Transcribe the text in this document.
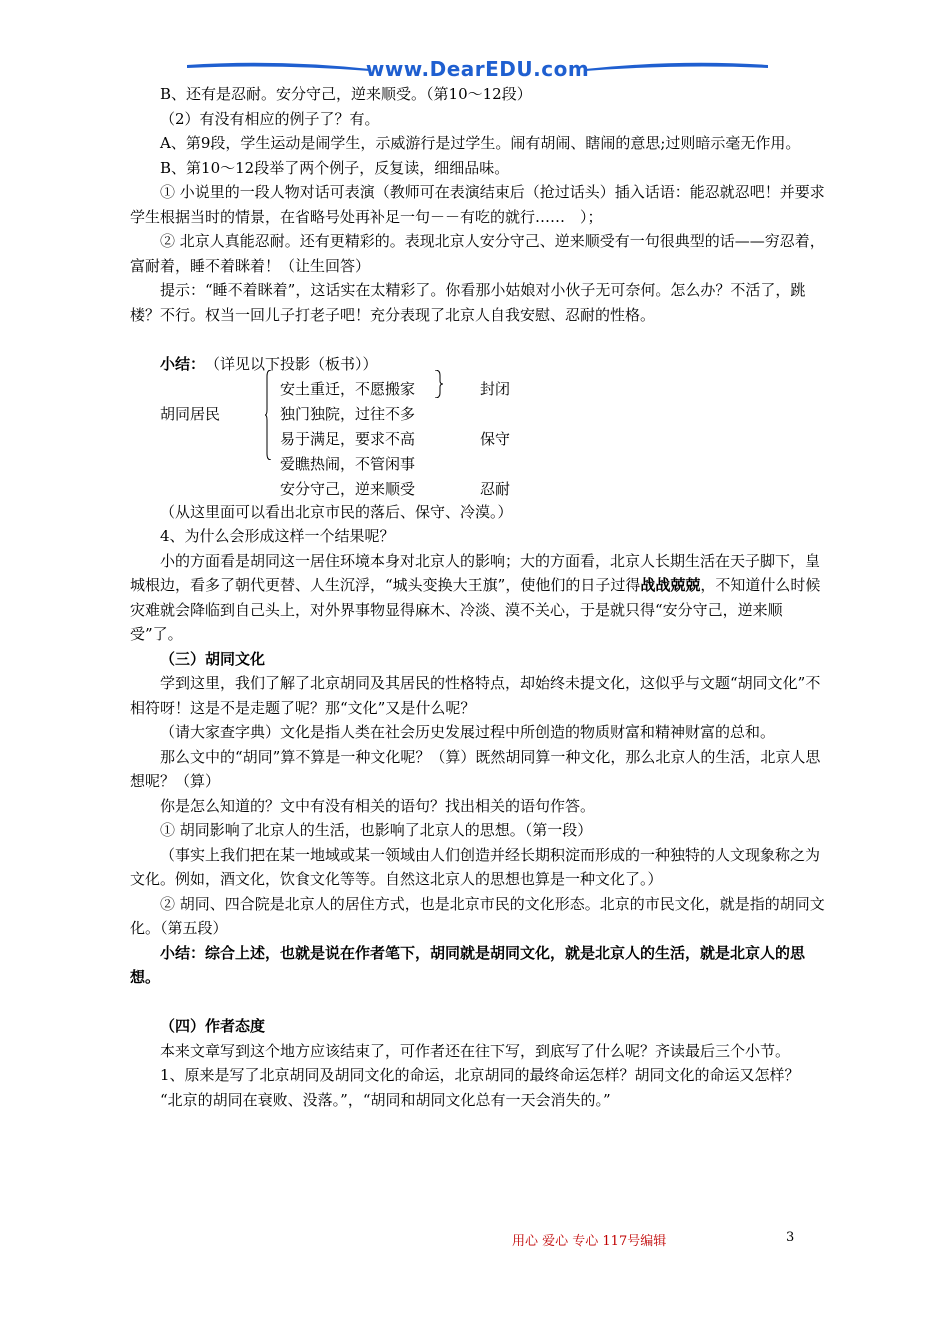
www.DearEDU.com

B、还有是忍耐。安分守己，逆来顺受。（第10～12段）

（2）有没有相应的例子了？有。

A、第9段，学生运动是闹学生，示威游行是过学生。闹有胡闹、瞎闹的意思;过则暗示毫无作用。

B、第10～12段举了两个例子，反复读，细细品味。

① 小说里的一段人物对话可表演（教师可在表演结束后（抢过话头）插入话语：能忍就忍吧！并要求学生根据当时的情景，在省略号处再补足一句－－有吃的就行……　）；

② 北京人真能忍耐。还有更精彩的。表现北京人安分守己、逆来顺受有一句很典型的话——穷忍着，富耐着，睡不着眯着！（让生回答）

提示：“睡不着眯着”，这话实在太精彩了。你看那小姑娘对小伙子无可奈何。怎么办？不活了，跳楼？不行。权当一回儿子打老子吧！充分表现了北京人自我安慰、忍耐的性格。

小结： （详见以下投影（板书））
胡同居民
安土重迁，不愿搬家
独门独院，过往不多
易于满足，要求不高
爱瞧热闹，不管闲事
安分守己，逆来顺受
封闭
保守
忍耐

（从这里面可以看出北京市民的落后、保守、冷漠。）

4、为什么会形成这样一个结果呢？

小的方面看是胡同这一居住环境本身对北京人的影响；大的方面看，北京人长期生活在天子脚下，皇城根边，看多了朝代更替、人生沉浮，“城头变换大王旗”，使他们的日子过得战战兢兢，不知道什么时候灾难就会降临到自己头上，对外界事物显得麻木、冷淡、漠不关心，于是就只得“安分守己，逆来顺受”了。

（三）胡同文化

学到这里，我们了解了北京胡同及其居民的性格特点，却始终未提文化，这似乎与文题“胡同文化”不相符呀！这是不是走题了呢？那“文化”又是什么呢？

（请大家查字典）文化是指人类在社会历史发展过程中所创造的物质财富和精神财富的总和。

那么文中的“胡同”算不算是一种文化呢？（算）既然胡同算一种文化，那么北京人的生活，北京人思想呢？（算）

你是怎么知道的？文中有没有相关的语句？找出相关的语句作答。

① 胡同影响了北京人的生活，也影响了北京人的思想。（第一段）

（事实上我们把在某一地域或某一领域由人们创造并经长期积淀而形成的一种独特的人文现象称之为文化。例如，酒文化，饮食文化等等。自然这北京人的思想也算是一种文化了。）

② 胡同、四合院是北京人的居住方式，也是北京市民的文化形态。北京的市民文化，就是指的胡同文化。（第五段）

小结：综合上述，也就是说在作者笔下，胡同就是胡同文化，就是北京人的生活，就是北京人的思想。

（四）作者态度

本来文章写到这个地方应该结束了，可作者还在往下写，到底写了什么呢？齐读最后三个小节。

1、原来是写了北京胡同及胡同文化的命运，北京胡同的最终命运怎样？胡同文化的命运又怎样？

“北京的胡同在衰败、没落。”，“胡同和胡同文化总有一天会消失的。”

用心 爱心 专心 117号编辑	3
